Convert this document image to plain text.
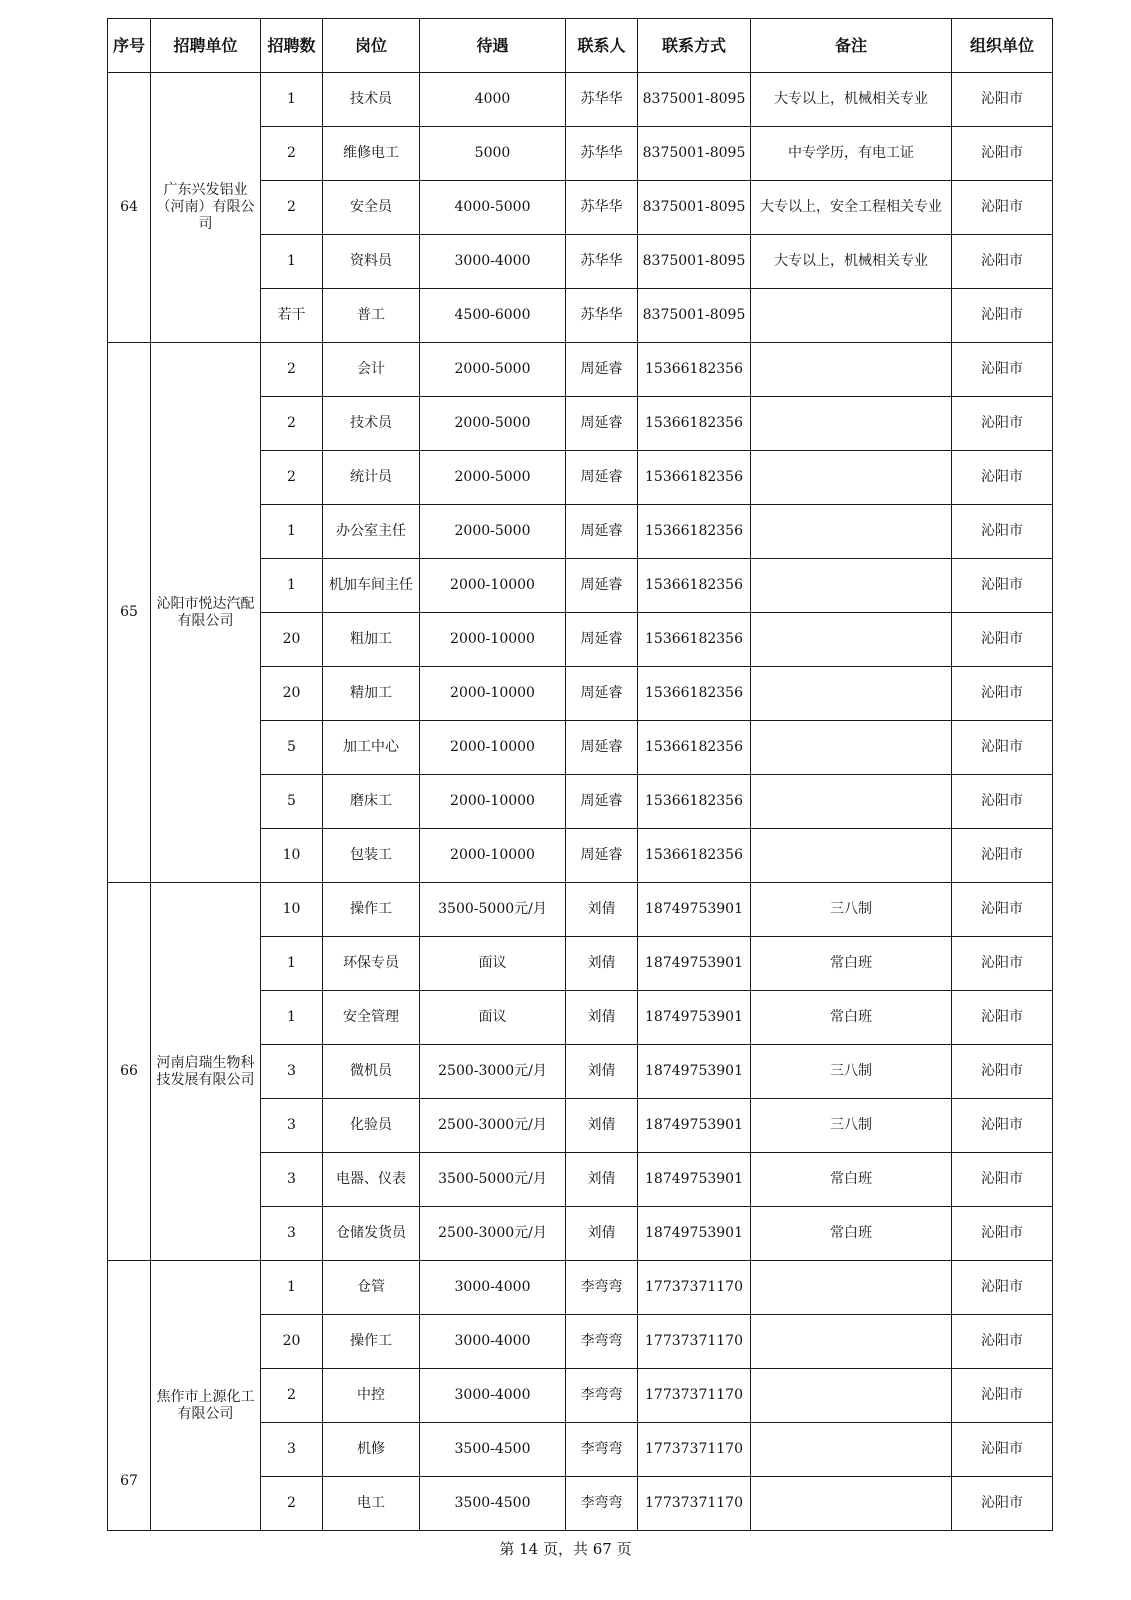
序号	招聘单位	招聘数	岗位	待遇	联系人	联系方式	备注	组织单位
64	广东兴发铝业（河南）有限公司	1	技术员	4000	苏华华	8375001-8095	大专以上，机械相关专业	沁阳市
		2	维修电工	5000	苏华华	8375001-8095	中专学历，有电工证	沁阳市
		2	安全员	4000-5000	苏华华	8375001-8095	大专以上，安全工程相关专业	沁阳市
		1	资料员	3000-4000	苏华华	8375001-8095	大专以上，机械相关专业	沁阳市
		若干	普工	4500-6000	苏华华	8375001-8095		沁阳市
65	沁阳市悦达汽配有限公司	2	会计	2000-5000	周延睿	15366182356		沁阳市
		2	技术员	2000-5000	周延睿	15366182356		沁阳市
		2	统计员	2000-5000	周延睿	15366182356		沁阳市
		1	办公室主任	2000-5000	周延睿	15366182356		沁阳市
		1	机加车间主任	2000-10000	周延睿	15366182356		沁阳市
		20	粗加工	2000-10000	周延睿	15366182356		沁阳市
		20	精加工	2000-10000	周延睿	15366182356		沁阳市
		5	加工中心	2000-10000	周延睿	15366182356		沁阳市
		5	磨床工	2000-10000	周延睿	15366182356		沁阳市
		10	包装工	2000-10000	周延睿	15366182356		沁阳市
66	河南启瑞生物科技发展有限公司	10	操作工	3500-5000元/月	刘倩	18749753901	三八制	沁阳市
		1	环保专员	面议	刘倩	18749753901	常白班	沁阳市
		1	安全管理	面议	刘倩	18749753901	常白班	沁阳市
		3	微机员	2500-3000元/月	刘倩	18749753901	三八制	沁阳市
		3	化验员	2500-3000元/月	刘倩	18749753901	三八制	沁阳市
		3	电器、仪表	3500-5000元/月	刘倩	18749753901	常白班	沁阳市
		3	仓储发货员	2500-3000元/月	刘倩	18749753901	常白班	沁阳市
67	焦作市上源化工有限公司	1	仓管	3000-4000	李弯弯	17737371170		沁阳市
		20	操作工	3000-4000	李弯弯	17737371170		沁阳市
		2	中控	3000-4000	李弯弯	17737371170		沁阳市
		3	机修	3500-4500	李弯弯	17737371170		沁阳市
		2	电工	3500-4500	李弯弯	17737371170		沁阳市
第 14 页，共 67 页
